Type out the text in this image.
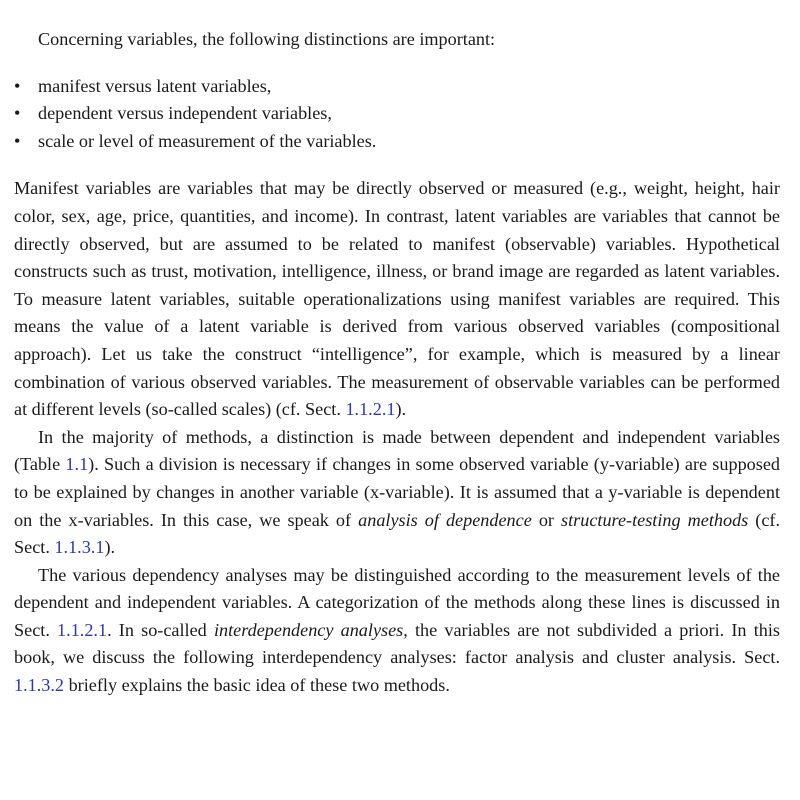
Concerning variables, the following distinctions are important:

• manifest versus latent variables,
• dependent versus independent variables,
• scale or level of measurement of the variables.

Manifest variables are variables that may be directly observed or measured (e.g., weight, height, hair color, sex, age, price, quantities, and income). In contrast, latent variables are variables that cannot be directly observed, but are assumed to be related to manifest (observable) variables. Hypothetical constructs such as trust, motivation, intelligence, illness, or brand image are regarded as latent variables. To measure latent variables, suitable operationalizations using manifest variables are required. This means the value of a latent variable is derived from various observed variables (compositional approach). Let us take the construct “intelligence”, for example, which is measured by a linear combination of various observed variables. The measurement of observable variables can be performed at different levels (so-called scales) (cf. Sect. 1.1.2.1).

In the majority of methods, a distinction is made between dependent and independent variables (Table 1.1). Such a division is necessary if changes in some observed variable (y-variable) are supposed to be explained by changes in another variable (x-variable). It is assumed that a y-variable is dependent on the x-variables. In this case, we speak of analysis of dependence or structure-testing methods (cf. Sect. 1.1.3.1).

The various dependency analyses may be distinguished according to the measurement levels of the dependent and independent variables. A categorization of the methods along these lines is discussed in Sect. 1.1.2.1. In so-called interdependency analyses, the variables are not subdivided a priori. In this book, we discuss the following interdependency analyses: factor analysis and cluster analysis. Sect. 1.1.3.2 briefly explains the basic idea of these two methods.
